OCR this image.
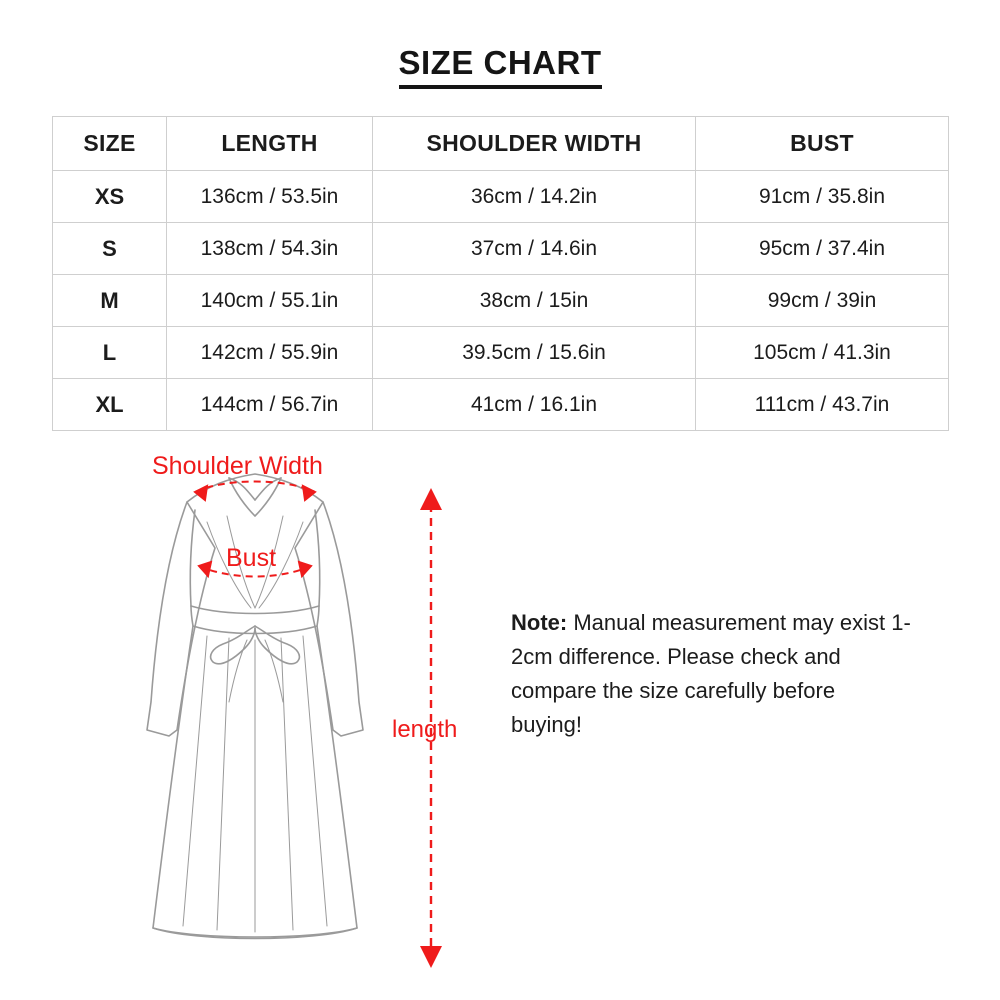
SIZE CHART
SIZE	LENGTH	SHOULDER WIDTH	BUST
XS	136cm / 53.5in	36cm / 14.2in	91cm / 35.8in
S	138cm / 54.3in	37cm / 14.6in	95cm / 37.4in
M	140cm / 55.1in	38cm / 15in	99cm / 39in
L	142cm / 55.9in	39.5cm / 15.6in	105cm / 41.3in
XL	144cm / 56.7in	41cm / 16.1in	111cm / 43.7in
Shoulder Width
Bust
length
Note: Manual measurement may exist 1-2cm difference. Please check and compare the size carefully before buying!
